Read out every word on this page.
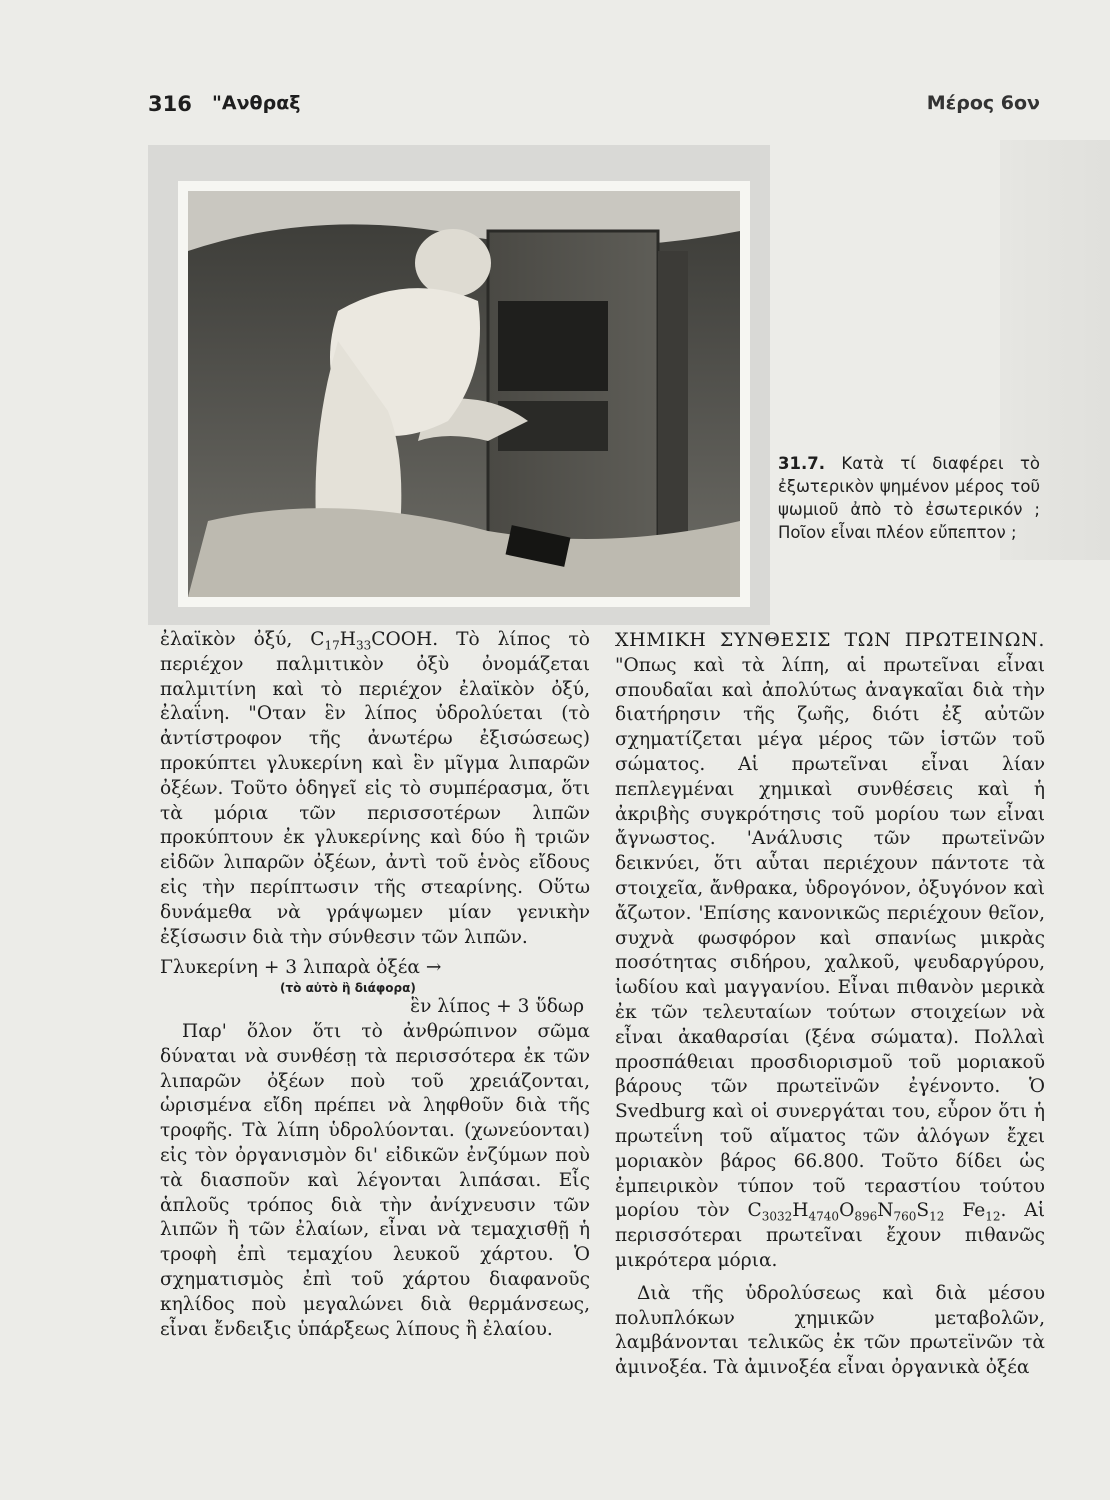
316 "Ανθραξ	Μέρος 6ον
31.7. Κατὰ τί διαφέρει τὸ ἐξωτερικὸν ψημένον μέρος τοῦ ψωμιοῦ ἀπὸ τὸ ἐσωτερικόν ; Ποῖον εἶναι πλέον εὔπεπτον ;

ἐλαϊκὸν ὀξύ, $C_{17}H_{33}COOH$. Τὸ λίπος τὸ περιέχον παλμιτικὸν ὀξὺ ὀνομάζεται παλμιτίνη καὶ τὸ περιέχον ἐλαϊκὸν ὀξύ, ἐλαΐνη. "Οταν ἓν λίπος ὑδρολύεται (τὸ ἀντίστροφον τῆς ἀνωτέρω ἐξισώσεως) προκύπτει γλυκερίνη καὶ ἓν μῖγμα λιπαρῶν ὀξέων. Τοῦτο ὁδηγεῖ εἰς τὸ συμπέρασμα, ὅτι τὰ μόρια τῶν περισσοτέρων λιπῶν προκύπτουν ἐκ γλυκερίνης καὶ δύο ἢ τριῶν εἰδῶν λιπαρῶν ὀξέων, ἀντὶ τοῦ ἑνὸς εἴδους εἰς τὴν περίπτωσιν τῆς στεαρίνης. Οὕτω δυνάμεθα νὰ γράψωμεν μίαν γενικὴν ἐξίσωσιν διὰ τὴν σύνθεσιν τῶν λιπῶν.

Γλυκερίνη + 3 λιπαρὰ ὀξέα →
(τὸ αὐτὸ ἢ διάφορα)
ἓν λίπος + 3 ὕδωρ

Παρ' ὅλον ὅτι τὸ ἀνθρώπινον σῶμα δύναται νὰ συνθέσῃ τὰ περισσότερα ἐκ τῶν λιπαρῶν ὀξέων ποὺ τοῦ χρειάζονται, ὡρισμένα εἴδη πρέπει νὰ ληφθοῦν διὰ τῆς τροφῆς. Τὰ λίπη ὑδρολύονται. (χωνεύονται) εἰς τὸν ὀργανισμὸν δι' εἰδικῶν ἐνζύμων ποὺ τὰ διασποῦν καὶ λέγονται λιπάσαι. Εἷς ἁπλοῦς τρόπος διὰ τὴν ἀνίχνευσιν τῶν λιπῶν ἢ τῶν ἐλαίων, εἶναι νὰ τεμαχισθῇ ἡ τροφὴ ἐπὶ τεμαχίου λευκοῦ χάρτου. Ὁ σχηματισμὸς ἐπὶ τοῦ χάρτου διαφανοῦς κηλίδος ποὺ μεγαλώνει διὰ θερμάνσεως, εἶναι ἔνδειξις ὑπάρξεως λίπους ἢ ἐλαίου.

ΧΗΜΙΚΗ ΣΥΝΘΕΣΙΣ ΤΩΝ ΠΡΩΤΕΙΝΩΝ. "Οπως καὶ τὰ λίπη, αἱ πρωτεῖναι εἶναι σπουδαῖαι καὶ ἀπολύτως ἀναγκαῖαι διὰ τὴν διατήρησιν τῆς ζωῆς, διότι ἐξ αὐτῶν σχηματίζεται μέγα μέρος τῶν ἱστῶν τοῦ σώματος. Αἱ πρωτεῖναι εἶναι λίαν πεπλεγμέναι χημικαὶ συνθέσεις καὶ ἡ ἀκριβὴς συγκρότησις τοῦ μορίου των εἶναι ἄγνωστος. 'Ανάλυσις τῶν πρωτεϊνῶν δεικνύει, ὅτι αὗται περιέχουν πάντοτε τὰ στοιχεῖα, ἄνθρακα, ὑδρογόνον, ὀξυγόνον καὶ ἄζωτον. 'Επίσης κανονικῶς περιέχουν θεῖον, συχνὰ φωσφόρον καὶ σπανίως μικρὰς ποσότητας σιδήρου, χαλκοῦ, ψευδαργύρου, ἰωδίου καὶ μαγγανίου. Εἶναι πιθανὸν μερικὰ ἐκ τῶν τελευταίων τούτων στοιχείων νὰ εἶναι ἀκαθαρσίαι (ξένα σώματα). Πολλαὶ προσπάθειαι προσδιορισμοῦ τοῦ μοριακοῦ βάρους τῶν πρωτεϊνῶν ἐγένοντο. Ὁ Svedburg καὶ οἱ συνεργάται του, εὗρον ὅτι ἡ πρωτεΐνη τοῦ αἵματος τῶν ἀλόγων ἔχει μοριακὸν βάρος 66.800. Τοῦτο δίδει ὡς ἐμπειρικὸν τύπον τοῦ τεραστίου τούτου μορίου τὸν $C_{3032}H_{4740}O_{896}N_{760}S_{12}$ $Fe_{12}$. Αἱ περισσότεραι πρωτεῖναι ἔχουν πιθανῶς μικρότερα μόρια.

Διὰ τῆς ὑδρολύσεως καὶ διὰ μέσου πολυπλόκων χημικῶν μεταβολῶν, λαμβάνονται τελικῶς ἐκ τῶν πρωτεϊνῶν τὰ ἀμινοξέα. Τὰ ἀμινοξέα εἶναι ὀργανικὰ ὀξέα
